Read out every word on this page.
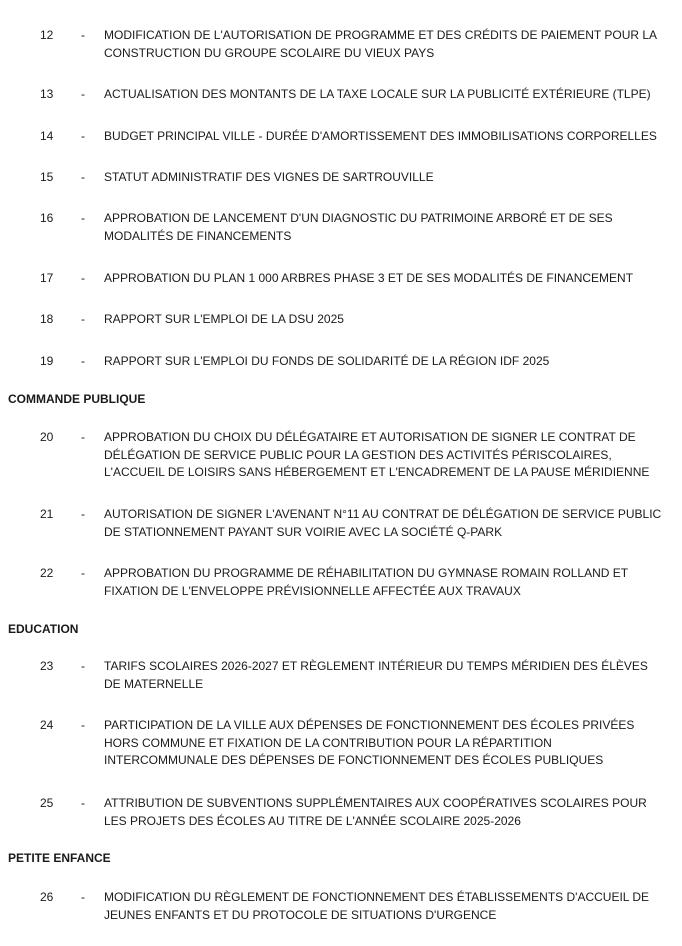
12	- MODIFICATION DE L'AUTORISATION DE PROGRAMME ET DES CRÉDITS DE PAIEMENT POUR LA CONSTRUCTION DU GROUPE SCOLAIRE DU VIEUX PAYS
13	- ACTUALISATION DES MONTANTS DE LA TAXE LOCALE SUR LA PUBLICITÉ EXTÉRIEURE (TLPE)
14	- BUDGET PRINCIPAL VILLE - DURÉE D'AMORTISSEMENT DES IMMOBILISATIONS CORPORELLES
15	- STATUT ADMINISTRATIF DES VIGNES DE SARTROUVILLE
16	- APPROBATION DE LANCEMENT D'UN DIAGNOSTIC DU PATRIMOINE ARBORÉ ET DE SES MODALITÉS DE FINANCEMENTS
17	- APPROBATION DU PLAN 1 000 ARBRES PHASE 3 ET DE SES MODALITÉS DE FINANCEMENT
18	- RAPPORT SUR L'EMPLOI DE LA DSU 2025
19	- RAPPORT SUR L'EMPLOI DU FONDS DE SOLIDARITÉ DE LA RÉGION IDF 2025
COMMANDE PUBLIQUE
20	- APPROBATION DU CHOIX DU DÉLÉGATAIRE ET AUTORISATION DE SIGNER LE CONTRAT DE DÉLÉGATION DE SERVICE PUBLIC POUR LA GESTION DES ACTIVITÉS PÉRISCOLAIRES, L'ACCUEIL DE LOISIRS SANS HÉBERGEMENT ET L'ENCADREMENT DE LA PAUSE MÉRIDIENNE
21	- AUTORISATION DE SIGNER L'AVENANT N°11 AU CONTRAT DE DÉLÉGATION DE SERVICE PUBLIC DE STATIONNEMENT PAYANT SUR VOIRIE AVEC LA SOCIÉTÉ Q-PARK
22	- APPROBATION DU PROGRAMME DE RÉHABILITATION DU GYMNASE ROMAIN ROLLAND ET FIXATION DE L'ENVELOPPE PRÉVISIONNELLE AFFECTÉE AUX TRAVAUX
EDUCATION
23	- TARIFS SCOLAIRES 2026-2027 ET RÈGLEMENT INTÉRIEUR DU TEMPS MÉRIDIEN DES ÉLÈVES DE MATERNELLE
24	- PARTICIPATION DE LA VILLE AUX DÉPENSES DE FONCTIONNEMENT DES ÉCOLES PRIVÉES HORS COMMUNE ET FIXATION DE LA CONTRIBUTION POUR LA RÉPARTITION INTERCOMMUNALE DES DÉPENSES DE FONCTIONNEMENT DES ÉCOLES PUBLIQUES
25	- ATTRIBUTION DE SUBVENTIONS SUPPLÉMENTAIRES AUX COOPÉRATIVES SCOLAIRES POUR LES PROJETS DES ÉCOLES AU TITRE DE L'ANNÉE SCOLAIRE 2025-2026
PETITE ENFANCE
26	- MODIFICATION DU RÈGLEMENT DE FONCTIONNEMENT DES ÉTABLISSEMENTS D'ACCUEIL DE JEUNES ENFANTS ET DU PROTOCOLE DE SITUATIONS D'URGENCE
